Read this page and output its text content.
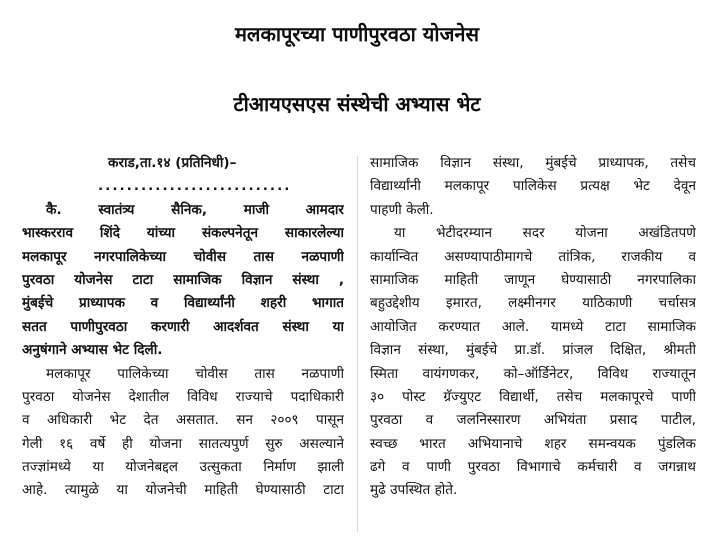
मलकापूरच्या पाणीपुरवठा योजनेस
टीआयएसएस संस्थेची अभ्यास भेट
कराड,ता.१४ (प्रतिनिधी)–
...........................
कै. स्वातंत्र्य सैनिक, माजी आमदार
भास्करराव शिंदे यांच्या संकल्पनेतून साकारलेल्या
मलकापूर नगरपालिकेच्या चोवीस तास नळपाणी
पुरवठा योजनेस टाटा सामाजिक विज्ञान संस्था ,
मुंबईचे प्राध्यापक व विद्यार्थ्यांनी शहरी भागात
सतत पाणीपुरवठा करणारी आदर्शवत संस्था या
अनुषंगाने अभ्यास भेट दिली.
मलकापूर पालिकेच्या चोवीस तास नळपाणी
पुरवठा योजनेस देशातील विविध राज्याचे पदाधिकारी
व अधिकारी भेट देत असतात. सन २००९ पासून
गेली १६ वर्षे ही योजना सातत्यपुर्ण सुरु असल्याने
तज्ज्ञांमध्ये या योजनेबद्दल उत्सुकता निर्माण झाली
आहे. त्यामुळे या योजनेची माहिती घेण्यासाठी टाटा
सामाजिक विज्ञान संस्था, मुंबईचे प्राध्यापक, तसेच
विद्यार्थ्यांनी मलकापूर पालिकेस प्रत्यक्ष भेट देवून
पाहणी केली.
या भेटीदरम्यान सदर योजना अखंडितपणे
कार्यान्वित असण्यापाठीमागचे तांत्रिक, राजकीय व
सामाजिक माहिती जाणून घेण्यासाठी नगरपालिका
बहुउद्देशीय इमारत, लक्ष्मीनगर याठिकाणी चर्चासत्र
आयोजित करण्यात आले. यामध्ये टाटा सामाजिक
विज्ञान संस्था, मुंबईचे प्रा.डॉ. प्रांजल दिक्षित, श्रीमती
स्मिता वायंगणकर, को–ऑर्डिनेटर, विविध राज्यातून
३० पोस्ट ग्रॅज्युएट विद्यार्थी, तसेच मलकापूरचे पाणी
पुरवठा व जलनिस्सारण अभियंता प्रसाद पाटील,
स्वच्छ भारत अभियानाचे शहर समन्वयक पुंडलिक
ढगे व पाणी पुरवठा विभागाचे कर्मचारी व जगन्नाथ
मुढे उपस्थित होते.
